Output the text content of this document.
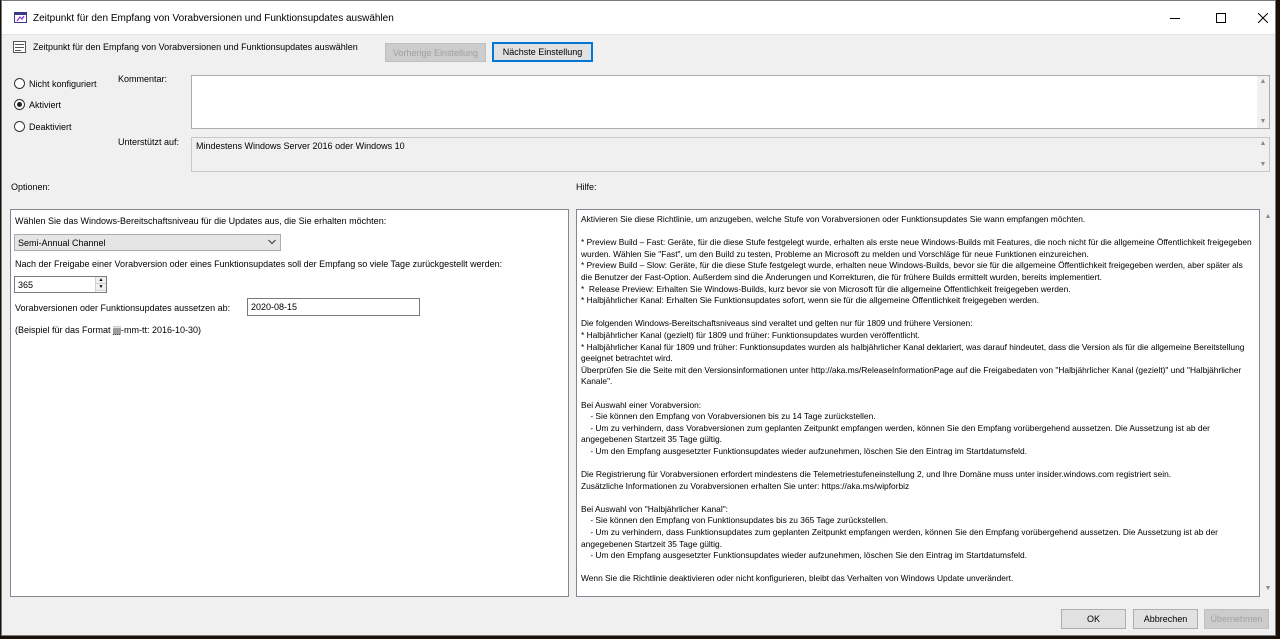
Zeitpunkt für den Empfang von Vorabversionen und Funktionsupdates auswählen
Zeitpunkt für den Empfang von Vorabversionen und Funktionsupdates auswählen
Vorherige Einstellung	Nächste Einstellung
Nicht konfiguriert
Aktiviert
Deaktiviert
Kommentar:	▲
▼
Unterstützt auf:	Mindestens Windows Server 2016 oder Windows 10	▲
▼
Optionen:	Hilfe:
Wählen Sie das Windows-Bereitschaftsniveau für die Updates aus, die Sie erhalten möchten:
Semi-Annual Channel
Nach der Freigabe einer Vorabversion oder eines Funktionsupdates soll der Empfang so viele Tage zurückgestellt werden:
365	▲
▼
Vorabversionen oder Funktionsupdates aussetzen ab: 2020-08-15
(Beispiel für das Format jjjj-mm-tt: 2016-10-30)
Aktivieren Sie diese Richtlinie, um anzugeben, welche Stufe von Vorabversionen oder Funktionsupdates Sie wann empfangen möchten.

* Preview Build – Fast: Geräte, für die diese Stufe festgelegt wurde, erhalten als erste neue Windows-Builds mit Features, die noch nicht für die allgemeine Öffentlichkeit freigegeben wurden. Wählen Sie "Fast", um den Build zu testen, Probleme an Microsoft zu melden und Vorschläge für neue Funktionen einzureichen.
* Preview Build – Slow: Geräte, für die diese Stufe festgelegt wurde, erhalten neue Windows-Builds, bevor sie für die allgemeine Öffentlichkeit freigegeben werden, aber später als die Benutzer der Fast-Option. Außerdem sind die Änderungen und Korrekturen, die für frühere Builds ermittelt wurden, bereits implementiert.
*  Release Preview: Erhalten Sie Windows-Builds, kurz bevor sie von Microsoft für die allgemeine Öffentlichkeit freigegeben werden.
* Halbjährlicher Kanal: Erhalten Sie Funktionsupdates sofort, wenn sie für die allgemeine Öffentlichkeit freigegeben werden.

Die folgenden Windows-Bereitschaftsniveaus sind veraltet und gelten nur für 1809 und frühere Versionen:
* Halbjährlicher Kanal (gezielt) für 1809 und früher: Funktionsupdates wurden veröffentlicht.
* Halbjährlicher Kanal für 1809 und früher: Funktionsupdates wurden als halbjährlicher Kanal deklariert, was darauf hindeutet, dass die Version als für die allgemeine Bereitstellung geeignet betrachtet wird.
Überprüfen Sie die Seite mit den Versionsinformationen unter http://aka.ms/ReleaseInformationPage auf die Freigabedaten von "Halbjährlicher Kanal (gezielt)" und "Halbjährlicher Kanale".

Bei Auswahl einer Vorabversion:
- Sie können den Empfang von Vorabversionen bis zu 14 Tage zurückstellen.
- Um zu verhindern, dass Vorabversionen zum geplanten Zeitpunkt empfangen werden, können Sie den Empfang vorübergehend aussetzen. Die Aussetzung ist ab der angegebenen Startzeit 35 Tage gültig.
- Um den Empfang ausgesetzter Funktionsupdates wieder aufzunehmen, löschen Sie den Eintrag im Startdatumsfeld.

Die Registrierung für Vorabversionen erfordert mindestens die Telemetriestufeneinstellung 2, und Ihre Domäne muss unter insider.windows.com registriert sein.
Zusätzliche Informationen zu Vorabversionen erhalten Sie unter: https://aka.ms/wipforbiz

Bei Auswahl von "Halbjährlicher Kanal":
- Sie können den Empfang von Funktionsupdates bis zu 365 Tage zurückstellen.
- Um zu verhindern, dass Funktionsupdates zum geplanten Zeitpunkt empfangen werden, können Sie den Empfang vorübergehend aussetzen. Die Aussetzung ist ab der angegebenen Startzeit 35 Tage gültig.
- Um den Empfang ausgesetzter Funktionsupdates wieder aufzunehmen, löschen Sie den Eintrag im Startdatumsfeld.

Wenn Sie die Richtlinie deaktivieren oder nicht konfigurieren, bleibt das Verhalten von Windows Update unverändert.
▲
▼
OK	Abbrechen	Übernehmen
